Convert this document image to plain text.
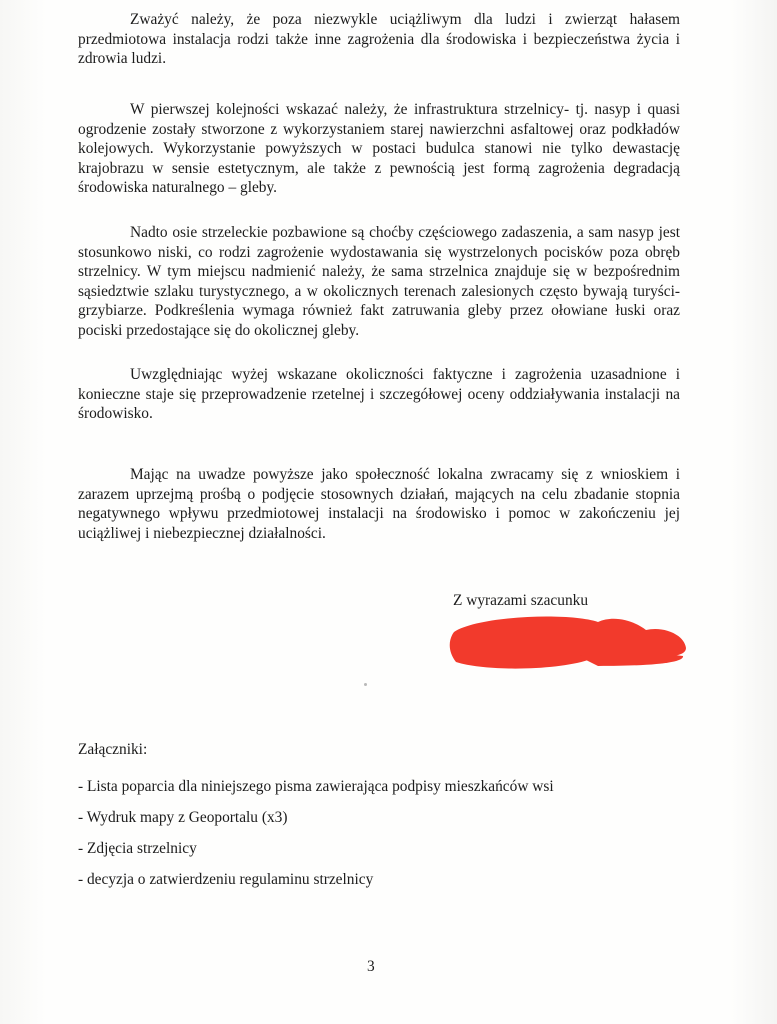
Zważyć należy, że poza niezwykle uciążliwym dla ludzi i zwierząt hałasem przedmiotowa instalacja rodzi także inne zagrożenia dla środowiska i bezpieczeństwa życia i zdrowia ludzi.

W pierwszej kolejności wskazać należy, że infrastruktura strzelnicy- tj. nasyp i quasi ogrodzenie zostały stworzone z wykorzystaniem starej nawierzchni asfaltowej oraz podkładów kolejowych. Wykorzystanie powyższych w postaci budulca stanowi nie tylko dewastację krajobrazu w sensie estetycznym, ale także z pewnością jest formą zagrożenia degradacją środowiska naturalnego – gleby.

Nadto osie strzeleckie pozbawione są choćby częściowego zadaszenia, a sam nasyp jest stosunkowo niski, co rodzi zagrożenie wydostawania się wystrzelonych pocisków poza obręb strzelnicy. W tym miejscu nadmienić należy, że sama strzelnica znajduje się w bezpośrednim sąsiedztwie szlaku turystycznego, a w okolicznych terenach zalesionych często bywają turyści-grzybiarze. Podkreślenia wymaga również fakt zatruwania gleby przez ołowiane łuski oraz pociski przedostające się do okolicznej gleby.

Uwzględniając wyżej wskazane okoliczności faktyczne i zagrożenia uzasadnione i konieczne staje się przeprowadzenie rzetelnej i szczegółowej oceny oddziaływania instalacji na środowisko.

Mając na uwadze powyższe jako społeczność lokalna zwracamy się z wnioskiem i zarazem uprzejmą prośbą o podjęcie stosownych działań, mających na celu zbadanie stopnia negatywnego wpływu przedmiotowej instalacji na środowisko i pomoc w zakończeniu jej uciążliwej i niebezpiecznej działalności.

Z wyrazami szacunku
Załączniki:
- Lista poparcia dla niniejszego pisma zawierająca podpisy mieszkańców wsi
- Wydruk mapy z Geoportalu (x3)
- Zdjęcia strzelnicy
- decyzja o zatwierdzeniu regulaminu strzelnicy
3
